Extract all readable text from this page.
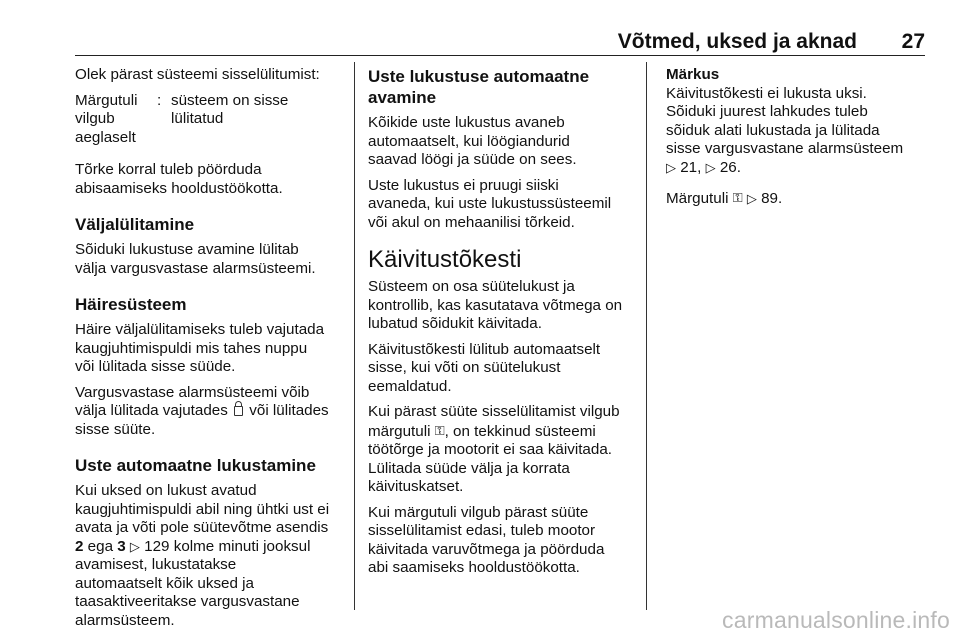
Võtmed, uksed ja aknad 27

Olek pärast süsteemi sisselülitumist:

Märgutuli
vilgub
aeglaselt
: süsteem on sisse
lülitatud

Tõrke korral tuleb pöörduda
abisaamiseks hooldustöökotta.

Väljalülitamine

Sõiduki lukustuse avamine lülitab
välja vargusvastase alarmsüsteemi.

Häiresüsteem

Häire väljalülitamiseks tuleb vajutada
kaugjuhtimispuldi mis tahes nuppu
või lülitada sisse süüde.

Vargusvastase alarmsüsteemi võib
välja lülitada vajutades või lülitades
sisse süüte.

Uste automaatne lukustamine

Kui uksed on lukust avatud
kaugjuhtimispuldi abil ning ühtki ust ei
avata ja võti pole süütevõtme asendis
2 ega 3 ▷ 129 kolme minuti jooksul
avamisest, lukustatakse
automaatselt kõik uksed ja
taasaktiveeritakse vargusvastane
alarmsüsteem.

Uste lukustuse automaatne
avamine

Kõikide uste lukustus avaneb
automaatselt, kui löögiandurid
saavad löögi ja süüde on sees.

Uste lukustus ei pruugi siiski
avaneda, kui uste lukustussüsteemil
või akul on mehaanilisi tõrkeid.

Käivitustõkesti

Süsteem on osa süütelukust ja
kontrollib, kas kasutatava võtmega on
lubatud sõidukit käivitada.

Käivitustõkesti lülitub automaatselt
sisse, kui võti on süütelukust
eemaldatud.

Kui pärast süüte sisselülitamist vilgub
märgutuli ⚿, on tekkinud süsteemi
töötõrge ja mootorit ei saa käivitada.
Lülitada süüde välja ja korrata
käivituskatset.

Kui märgutuli vilgub pärast süüte
sisselülitamist edasi, tuleb mootor
käivitada varuvõtmega ja pöörduda
abi saamiseks hooldustöökotta.

Märkus
Käivitustõkesti ei lukusta uksi.
Sõiduki juurest lahkudes tuleb
sõiduk alati lukustada ja lülitada
sisse vargusvastane alarmsüsteem
▷ 21, ▷ 26.

Märgutuli ⚿ ▷ 89.

carmanualsonline.info
